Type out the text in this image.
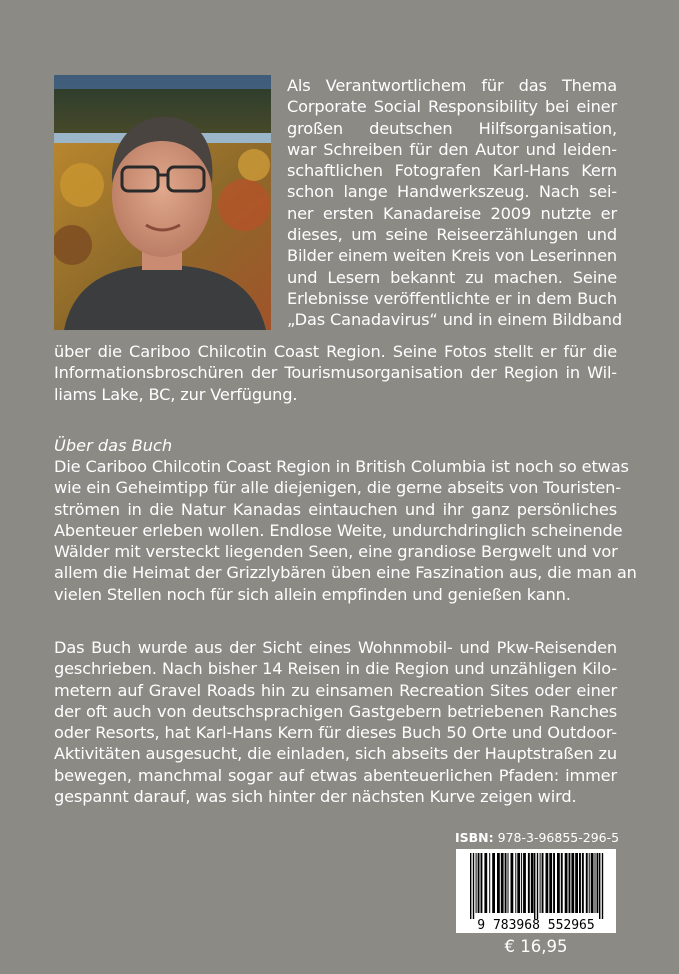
Als Verantwortlichem für das Thema
Corporate Social Responsibility bei einer
großen deutschen Hilfsorganisation,
war Schreiben für den Autor und leiden-
schaftlichen Fotografen Karl-Hans Kern
schon lange Handwerkszeug. Nach sei-
ner ersten Kanadareise 2009 nutzte er
dieses, um seine Reiseerzählungen und
Bilder einem weiten Kreis von Leserinnen
und Lesern bekannt zu machen. Seine
Erlebnisse veröffentlichte er in dem Buch
„Das Canadavirus“ und in einem Bildband
über die Cariboo Chilcotin Coast Region. Seine Fotos stellt er für die
Informationsbroschüren der Tourismusorganisation der Region in Wil-
liams Lake, BC, zur Verfügung.
Über das Buch
Die Cariboo Chilcotin Coast Region in British Columbia ist noch so etwas
wie ein Geheimtipp für alle diejenigen, die gerne abseits von Touristen-
strömen in die Natur Kanadas eintauchen und ihr ganz persönliches
Abenteuer erleben wollen. Endlose Weite, undurchdringlich scheinende
Wälder mit versteckt liegenden Seen, eine grandiose Bergwelt und vor
allem die Heimat der Grizzlybären üben eine Faszination aus, die man an
vielen Stellen noch für sich allein empfinden und genießen kann.
Das Buch wurde aus der Sicht eines Wohnmobil- und Pkw-Reisenden
geschrieben. Nach bisher 14 Reisen in die Region und unzähligen Kilo-
metern auf Gravel Roads hin zu einsamen Recreation Sites oder einer
der oft auch von deutschsprachigen Gastgebern betriebenen Ranches
oder Resorts, hat Karl-Hans Kern für dieses Buch 50 Orte und Outdoor-
Aktivitäten ausgesucht, die einladen, sich abseits der Hauptstraßen zu
bewegen, manchmal sogar auf etwas abenteuerlichen Pfaden: immer
gespannt darauf, was sich hinter der nächsten Kurve zeigen wird.
ISBN: 978-3-96855-296-5
9 783968 552965
€ 16,95
